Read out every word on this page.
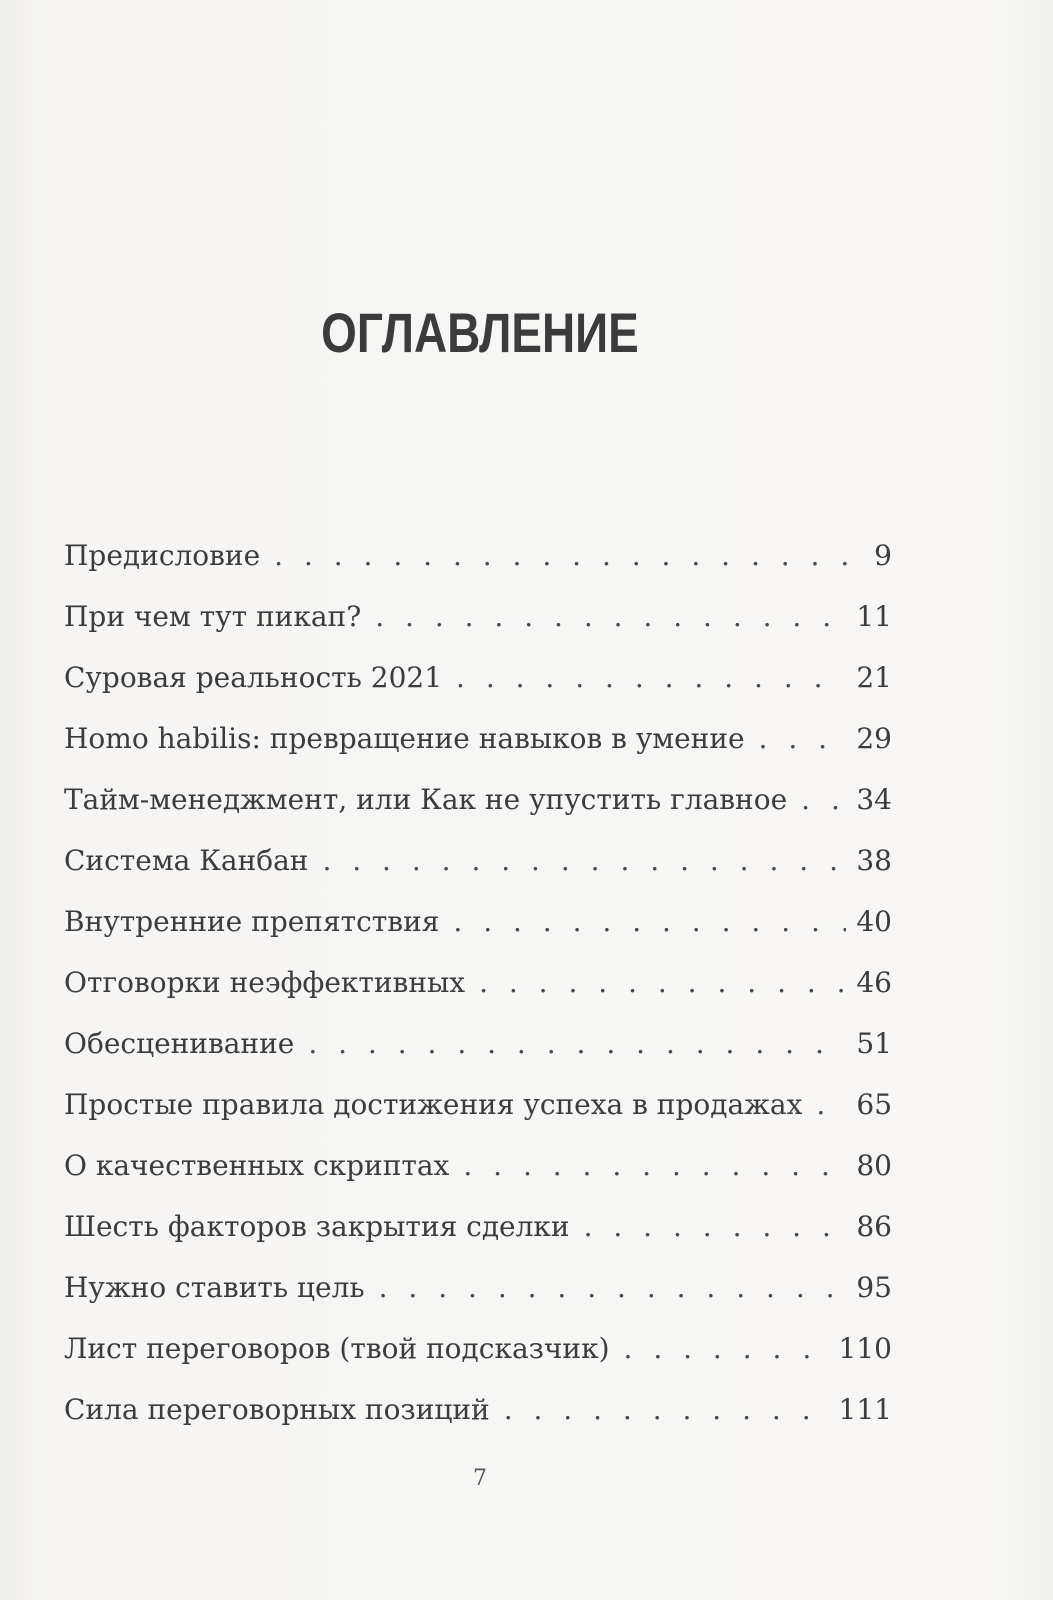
ОГЛАВЛЕНИЕ
Предисловие . . .	9
При чем тут пикап? . . .	11
Суровая реальность 2021 . . .	21
Homo habilis: превращение навыков в умение . . .	29
Тайм-менеджмент, или Как не упустить главное . . . 34
Система Канбан . . .	38
Внутренние препятствия . . .	40
Отговорки неэффективных . . .	46
Обесценивание . . .	51
Простые правила достижения успеха в продажах . . . 65
О качественных скриптах . . .	80
Шесть факторов закрытия сделки . . .	86
Нужно ставить цель . . .	95
Лист переговоров (твой подсказчик) . . .	110
Сила переговорных позиций . . .	111
7
